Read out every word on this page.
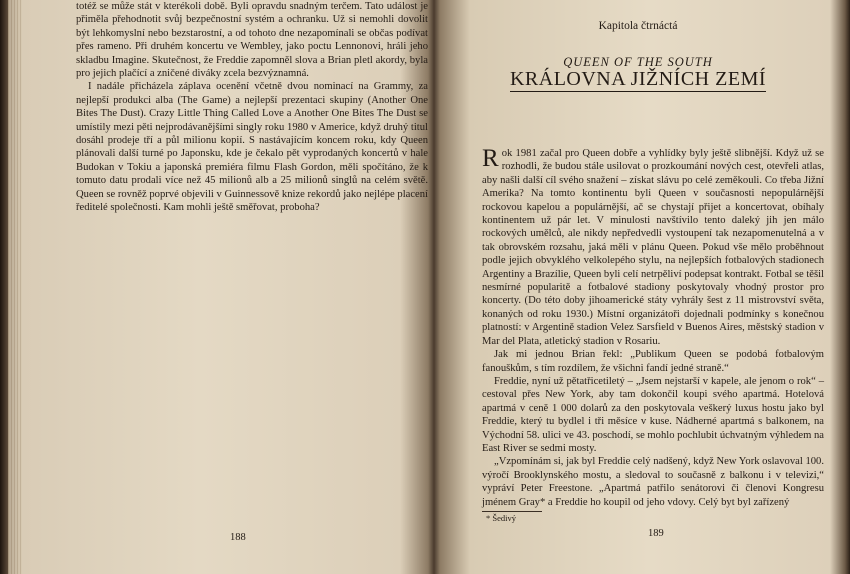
totéž se může stát v kterékoli době. Byli opravdu snadným terčem. Tato událost je přiměla přehodnotit svůj bezpečnostní systém a ochranku. Už si nemohli dovolit být lehkomyslní nebo bezstarostní, a od tohoto dne nezapomínali se občas podívat přes rameno. Při druhém koncertu ve Wembley, jako poctu Lennonovi, hráli jeho skladbu Imagine. Skutečnost, že Freddie zapomněl slova a Brian pletl akordy, byla pro jejich plačící a zničené diváky zcela bezvýznamná.

I nadále přicházela záplava ocenění včetně dvou nominací na Grammy, za nejlepší produkci alba (The Game) a nejlepší prezentaci skupiny (Another One Bites The Dust). Crazy Little Thing Called Love a Another One Bites The Dust se umístily mezi pěti nejprodávanějšími singly roku 1980 v Americe, když druhý titul dosáhl prodeje tří a půl milionu kopií. S nastávajícím koncem roku, kdy Queen plánovali další turné po Japonsku, kde je čekalo pět vyprodaných koncertů v hale Budokan v Tokiu a japonská premiéra filmu Flash Gordon, měli spočítáno, že k tomuto datu prodali více než 45 milionů alb a 25 milionů singlů na celém světě. Queen se rovněž poprvé objevili v Guinnessově knize rekordů jako nejlépe placení ředitelé společnosti. Kam mohli ještě směřovat, proboha?

188
Kapitola čtrnáctá
QUEEN OF THE SOUTH
KRÁLOVNA JIŽNÍCH ZEMÍ

Rok 1981 začal pro Queen dobře a vyhlídky byly ještě slibnější. Když už se rozhodli, že budou stále usilovat o prozkoumání nových cest, otevřeli atlas, aby našli další cíl svého snažení – získat slávu po celé zeměkouli. Co třeba Jižní Amerika? Na tomto kontinentu byli Queen v současnosti nepopulárnější rockovou kapelou a populárnější, ač se chystají přijet a koncertovat, obíhaly kontinentem už pár let. V minulosti navštívilo tento daleký jih jen málo rockových umělců, ale nikdy nepředvedli vystoupení tak nezapomenutelná a v tak obrovském rozsahu, jaká měli v plánu Queen. Pokud vše mělo proběhnout podle jejich obvyklého velkolepého stylu, na nejlepších fotbalových stadionech Argentiny a Brazílie, Queen byli celí netrpěliví podepsat kontrakt. Fotbal se těšil nesmírné popularitě a fotbalové stadiony poskytovaly vhodný prostor pro koncerty. (Do této doby jihoamerické státy vyhrály šest z 11 mistrovství světa, konaných od roku 1930.) Místní organizátoři dojednali podmínky s konečnou platností: v Argentině stadion Velez Sarsfield v Buenos Aires, městský stadion v Mar del Plata, atletický stadion v Rosariu.

Jak mi jednou Brian řekl: „Publikum Queen se podobá fotbalovým fanouškům, s tím rozdílem, že všichni fandí jedné straně.“

Freddie, nyní už pětatřicetiletý – „Jsem nejstarší v kapele, ale jenom o rok“ – cestoval přes New York, aby tam dokončil koupi svého apartmá. Hotelová apartmá v ceně 1 000 dolarů za den poskytovala veškerý luxus hostu jako byl Freddie, který tu bydlel i tři měsíce v kuse. Nádherné apartmá s balkonem, na Východní 58. ulici ve 43. poschodí, se mohlo pochlubit úchvatným výhledem na East River se sedmi mosty.

„Vzpomínám si, jak byl Freddie celý nadšený, když New York oslavoval 100. výročí Brooklynského mostu, a sledoval to současně z balkonu i v televizi,“ vypráví Peter Freestone. „Apartmá patřilo senátorovi či členovi Kongresu jménem Gray* a Freddie ho koupil od jeho vdovy. Celý byt byl zařízený

* Šedivý
189
